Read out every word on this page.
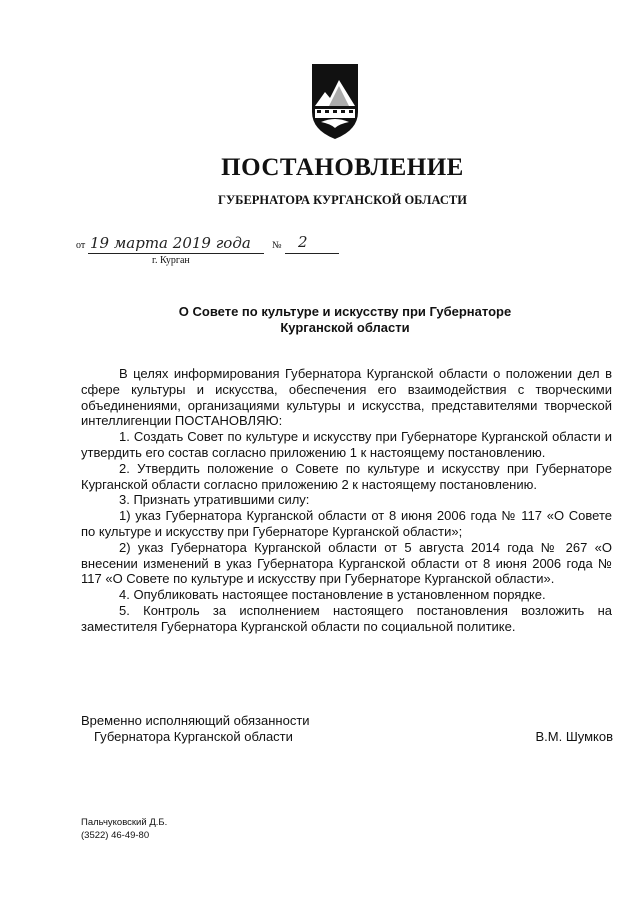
ПОСТАНОВЛЕНИЕ
ГУБЕРНАТОРА КУРГАНСКОЙ ОБЛАСТИ
от 19 марта 2019 года № 2
г. Курган
О Совете по культуре и искусству при Губернаторе
Курганской области

В целях информирования Губернатора Курганской области о положении дел в сфере культуры и искусства, обеспечения его взаимодействия с творческими объединениями, организациями культуры и искусства, представителями творческой интеллигенции ПОСТАНОВЛЯЮ:

1. Создать Совет по культуре и искусству при Губернаторе Курганской области и утвердить его состав согласно приложению 1 к настоящему постановлению.

2. Утвердить положение о Совете по культуре и искусству при Губернаторе Курганской области согласно приложению 2 к настоящему постановлению.

3. Признать утратившими силу:

1) указ Губернатора Курганской области от 8 июня 2006 года № 117 «О Совете по культуре и искусству при Губернаторе Курганской области»;

2) указ Губернатора Курганской области от 5 августа 2014 года № 267 «О внесении изменений в указ Губернатора Курганской области от 8 июня 2006 года № 117 «О Совете по культуре и искусству при Губернаторе Курганской области».

4. Опубликовать настоящее постановление в установленном порядке.

5. Контроль за исполнением настоящего постановления возложить на заместителя Губернатора Курганской области по социальной политике.

Временно исполняющий обязанности
Губернатора Курганской области	В.М. Шумков
Пальчуковский Д.Б.
(3522) 46-49-80
